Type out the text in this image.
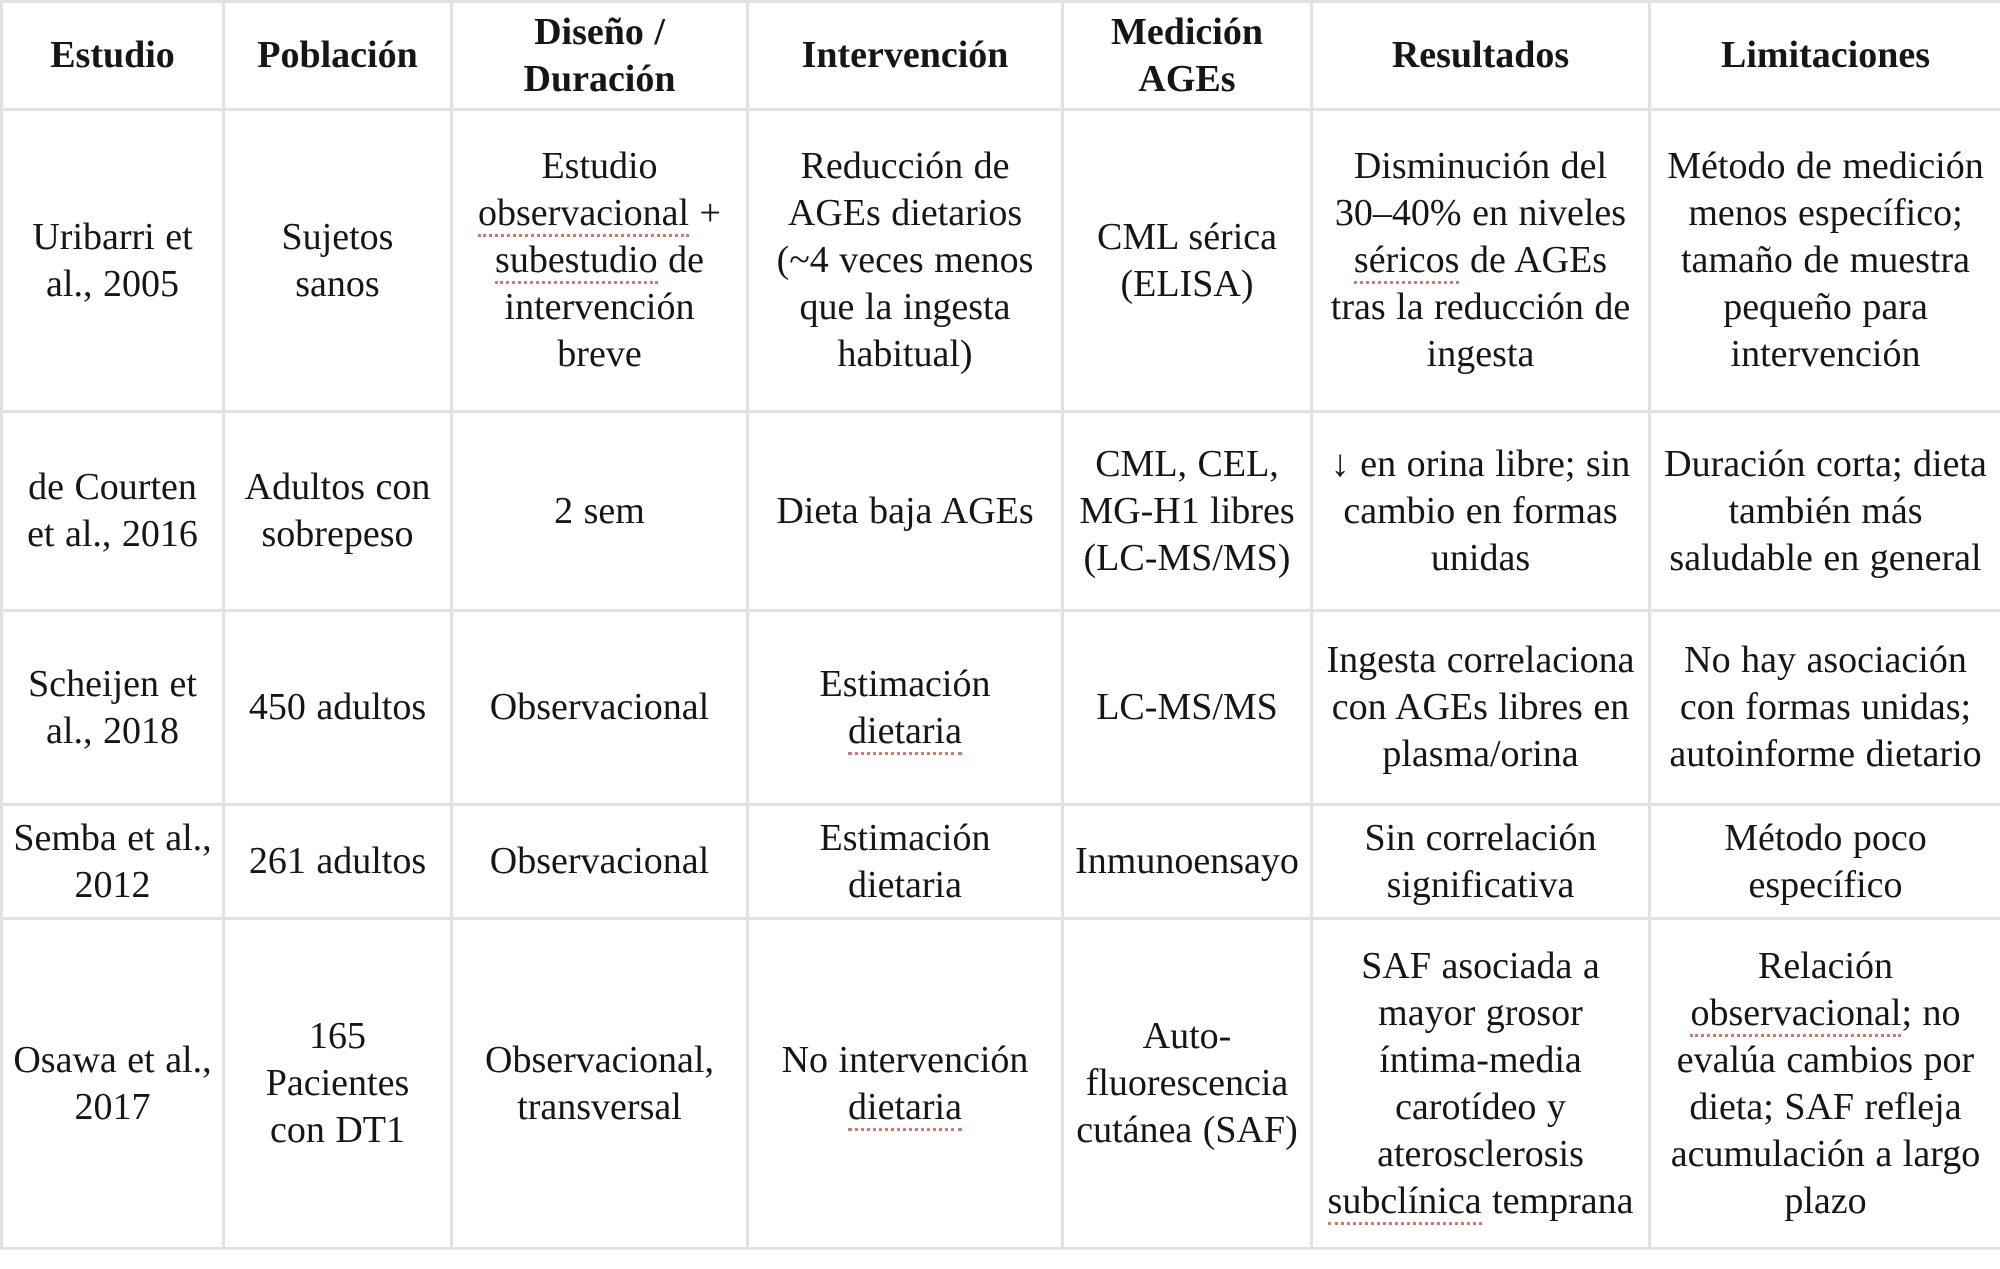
Estudio	Población	Diseño / Duración	Intervención	Medición AGEs	Resultados	Limitaciones
Uribarri et al., 2005	Sujetos sanos	Estudio observacional + subestudio de intervención breve	Reducción de AGEs dietarios (~4 veces menos que la ingesta habitual)	CML sérica (ELISA)	Disminución del 30–40% en niveles séricos de AGEs tras la reducción de ingesta	Método de medición menos específico; tamaño de muestra pequeño para intervención
de Courten et al., 2016	Adultos con sobrepeso	2 sem	Dieta baja AGEs	CML, CEL, MG-H1 libres (LC-MS/MS)	↓ en orina libre; sin cambio en formas unidas	Duración corta; dieta también más saludable en general
Scheijen et al., 2018	450 adultos	Observacional	Estimación dietaria	LC-MS/MS	Ingesta correlaciona con AGEs libres en plasma/orina	No hay asociación con formas unidas; autoinforme dietario
Semba et al., 2012	261 adultos	Observacional	Estimación dietaria	Inmunoensayo	Sin correlación significativa	Método poco específico
Osawa et al., 2017	165 Pacientes con DT1	Observacional, transversal	No intervención dietaria	Auto-fluorescencia cutánea (SAF)	SAF asociada a mayor grosor íntima-media carotídeo y aterosclerosis subclínica temprana	Relación observacional; no evalúa cambios por dieta; SAF refleja acumulación a largo plazo
